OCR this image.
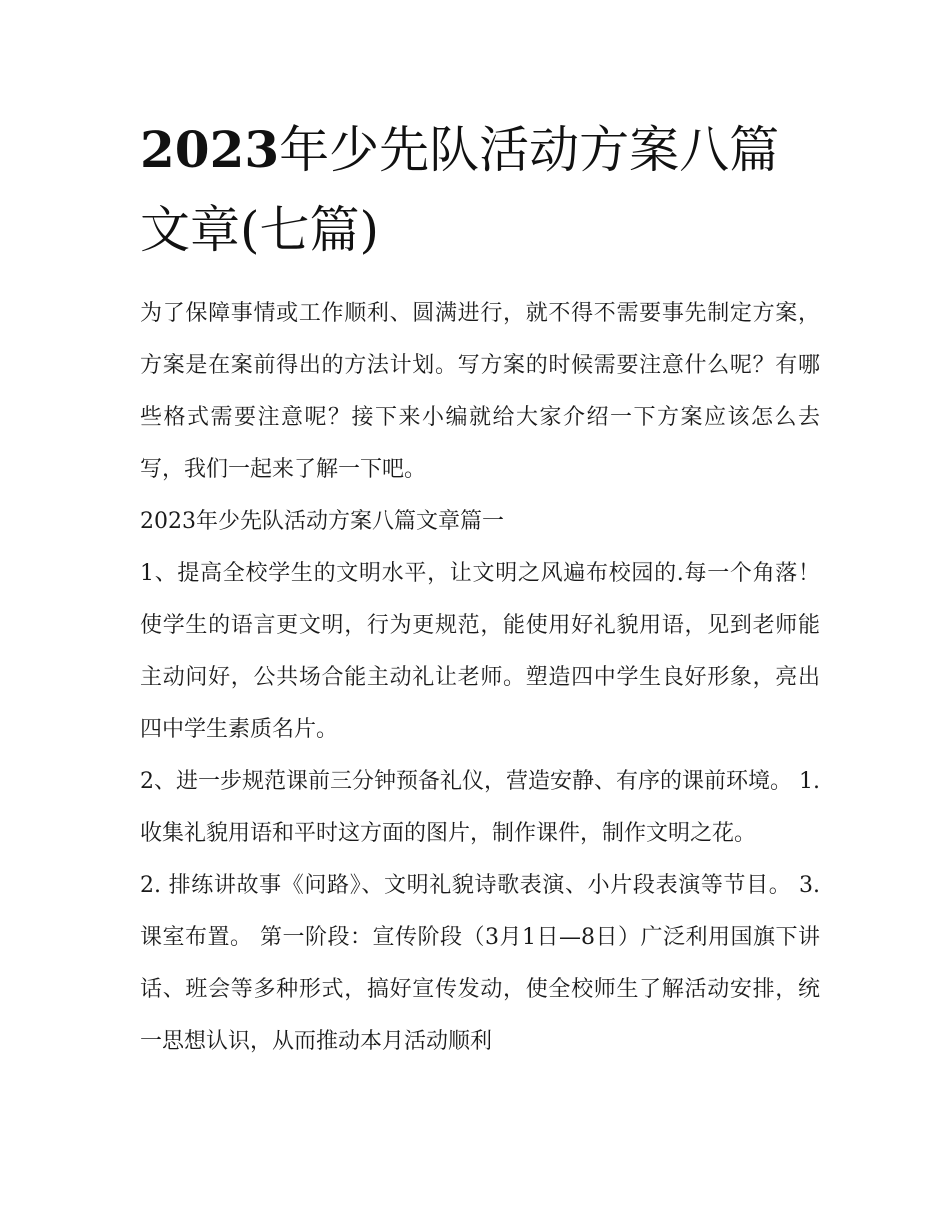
2023年少先队活动方案八篇文章(七篇)

为了保障事情或工作顺利、圆满进行，就不得不需要事先制定方案，方案是在案前得出的方法计划。写方案的时候需要注意什么呢？有哪些格式需要注意呢？接下来小编就给大家介绍一下方案应该怎么去写，我们一起来了解一下吧。

2023年少先队活动方案八篇文章篇一

1、提高全校学生的文明水平，让文明之风遍布校园的.每一个角落！使学生的语言更文明，行为更规范，能使用好礼貌用语，见到老师能主动问好，公共场合能主动礼让老师。塑造四中学生良好形象，亮出四中学生素质名片。

2、进一步规范课前三分钟预备礼仪，营造安静、有序的课前环境。 1. 收集礼貌用语和平时这方面的图片，制作课件，制作文明之花。

2. 排练讲故事《问路》、文明礼貌诗歌表演、小片段表演等节目。 3.课室布置。 第一阶段：宣传阶段（3月1日—8日）广泛利用国旗下讲话、班会等多种形式，搞好宣传发动，使全校师生了解活动安排，统一思想认识，从而推动本月活动顺利
